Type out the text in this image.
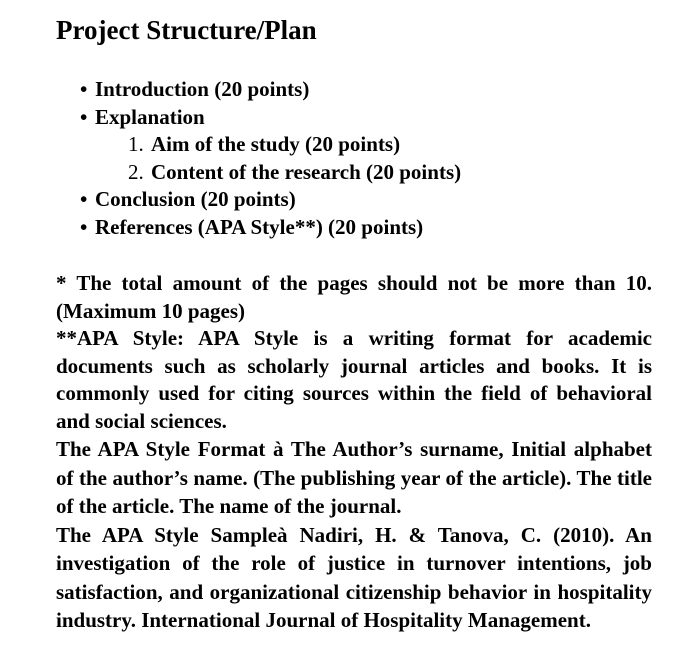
Project Structure/Plan
• Introduction (20 points)
• Explanation
1. Aim of the study (20 points)
2. Content of the research (20 points)
• Conclusion (20 points)
• References (APA Style**) (20 points)

* The total amount of the pages should not be more than 10. (Maximum 10 pages)

**APA Style: APA Style is a writing format for academic documents such as scholarly journal articles and books. It is commonly used for citing sources within the field of behavioral and social sciences.

The APA Style Format à The Author’s surname, Initial alphabet of the author’s name. (The publishing year of the article). The title of the article. The name of the journal.

The APA Style Sampleà Nadiri, H. & Tanova, C. (2010). An investigation of the role of justice in turnover intentions, job satisfaction, and organizational citizenship behavior in hospitality industry. International Journal of Hospitality Management.
